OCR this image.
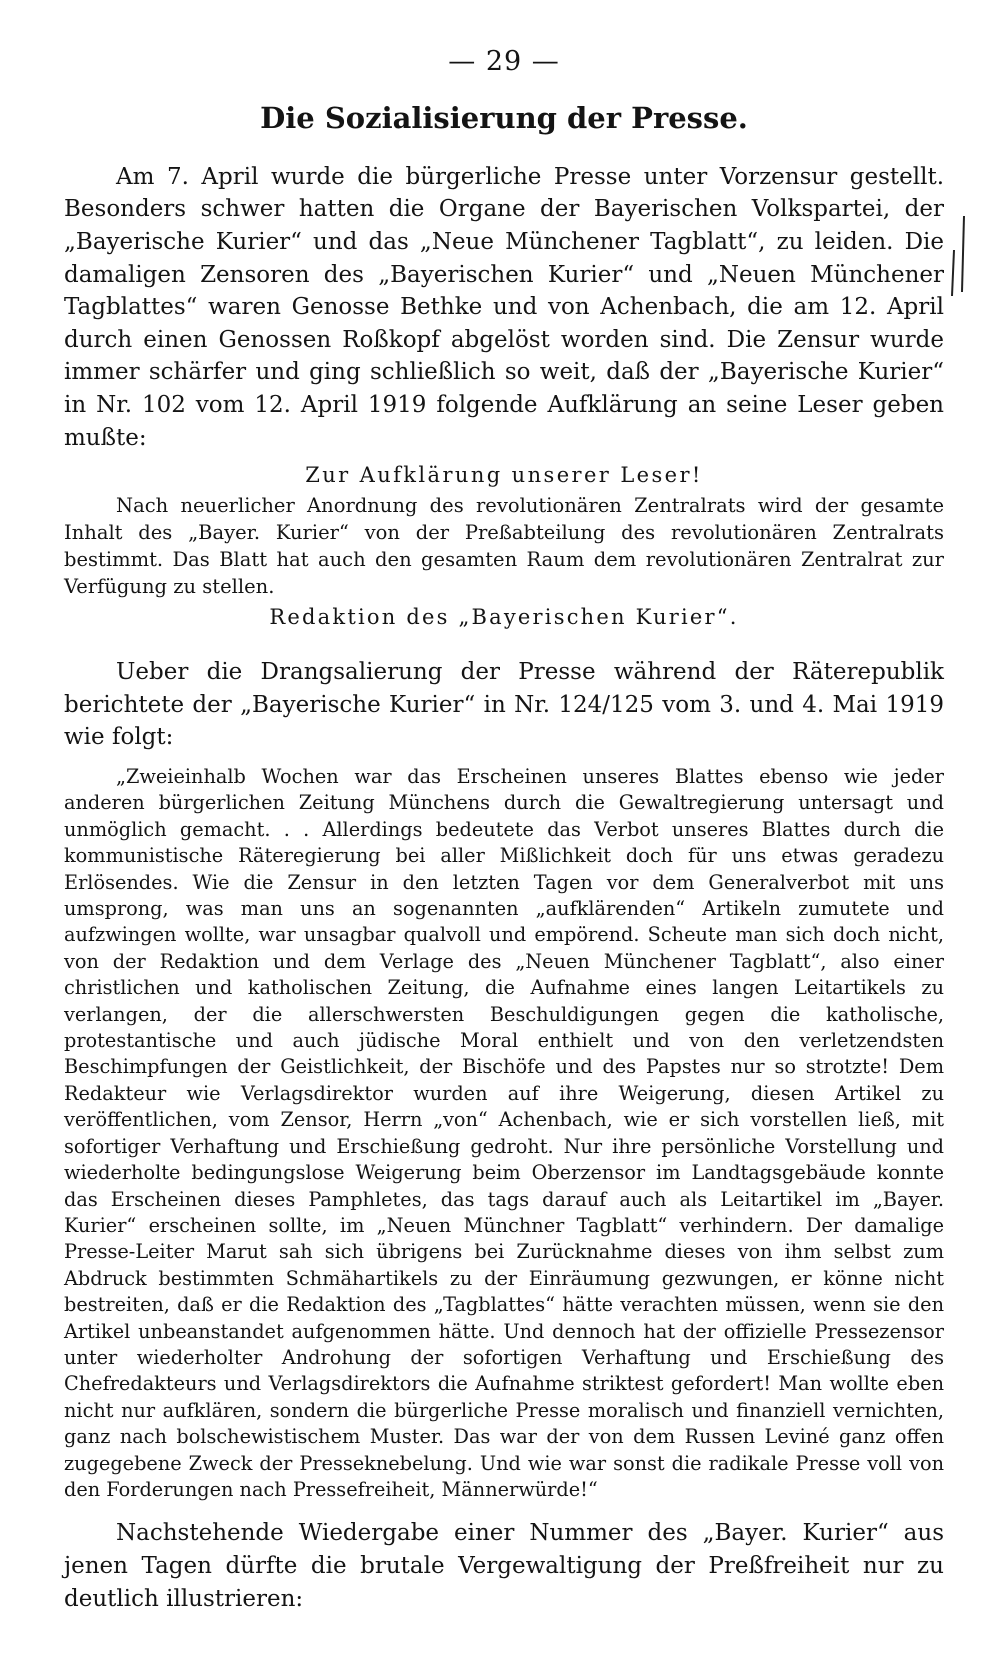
— 29 —
Die Sozialisierung der Presse.

Am 7. April wurde die bürgerliche Presse unter Vorzensur gestellt. Besonders schwer hatten die Organe der Bayerischen Volkspartei, der „Bayerische Kurier“ und das „Neue Münchener Tagblatt“, zu leiden. Die damaligen Zensoren des „Bayerischen Kurier“ und „Neuen Münchener Tagblattes“ waren Genosse Bethke und von Achenbach, die am 12. April durch einen Genossen Roßkopf abgelöst worden sind. Die Zensur wurde immer schärfer und ging schließlich so weit, daß der „Bayerische Kurier“ in Nr. 102 vom 12. April 1919 folgende Aufklärung an seine Leser geben mußte:

Zur Aufklärung unserer Leser!

Nach neuerlicher Anordnung des revolutionären Zentralrats wird der gesamte Inhalt des „Bayer. Kurier“ von der Preßabteilung des revolutionären Zentralrats bestimmt. Das Blatt hat auch den gesamten Raum dem revolutionären Zentralrat zur Verfügung zu stellen.

Redaktion des „Bayerischen Kurier“.

Ueber die Drangsalierung der Presse während der Räterepublik berichtete der „Bayerische Kurier“ in Nr. 124/125 vom 3. und 4. Mai 1919 wie folgt:

„Zweieinhalb Wochen war das Erscheinen unseres Blattes ebenso wie jeder anderen bürgerlichen Zeitung Münchens durch die Gewaltregierung untersagt und unmöglich gemacht. . . Allerdings bedeutete das Verbot unseres Blattes durch die kommunistische Räteregierung bei aller Mißlichkeit doch für uns etwas geradezu Erlösendes. Wie die Zensur in den letzten Tagen vor dem Generalverbot mit uns umsprong, was man uns an sogenannten „aufklärenden“ Artikeln zumutete und aufzwingen wollte, war unsagbar qualvoll und empörend. Scheute man sich doch nicht, von der Redaktion und dem Verlage des „Neuen Münchener Tagblatt“, also einer christlichen und katholischen Zeitung, die Aufnahme eines langen Leitartikels zu verlangen, der die allerschwersten Beschuldigungen gegen die katholische, protestantische und auch jüdische Moral enthielt und von den verletzendsten Beschimpfungen der Geistlichkeit, der Bischöfe und des Papstes nur so strotzte! Dem Redakteur wie Verlagsdirektor wurden auf ihre Weigerung, diesen Artikel zu veröffentlichen, vom Zensor, Herrn „von“ Achenbach, wie er sich vorstellen ließ, mit sofortiger Verhaftung und Erschießung gedroht. Nur ihre persönliche Vorstellung und wiederholte bedingungslose Weigerung beim Oberzensor im Landtagsgebäude konnte das Erscheinen dieses Pamphletes, das tags darauf auch als Leitartikel im „Bayer. Kurier“ erscheinen sollte, im „Neuen Münchner Tagblatt“ verhindern. Der damalige Presse-Leiter Marut sah sich übrigens bei Zurücknahme dieses von ihm selbst zum Abdruck bestimmten Schmähartikels zu der Einräumung gezwungen, er könne nicht bestreiten, daß er die Redaktion des „Tagblattes“ hätte verachten müssen, wenn sie den Artikel unbeanstandet aufgenommen hätte. Und dennoch hat der offizielle Pressezensor unter wiederholter Androhung der sofortigen Verhaftung und Erschießung des Chefredakteurs und Verlagsdirektors die Aufnahme striktest gefordert! Man wollte eben nicht nur aufklären, sondern die bürgerliche Presse moralisch und finanziell vernichten, ganz nach bolschewistischem Muster. Das war der von dem Russen Leviné ganz offen zugegebene Zweck der Presseknebelung. Und wie war sonst die radikale Presse voll von den Forderungen nach Pressefreiheit, Männerwürde!“

Nachstehende Wiedergabe einer Nummer des „Bayer. Kurier“ aus jenen Tagen dürfte die brutale Vergewaltigung der Preßfreiheit nur zu deutlich illustrieren:
